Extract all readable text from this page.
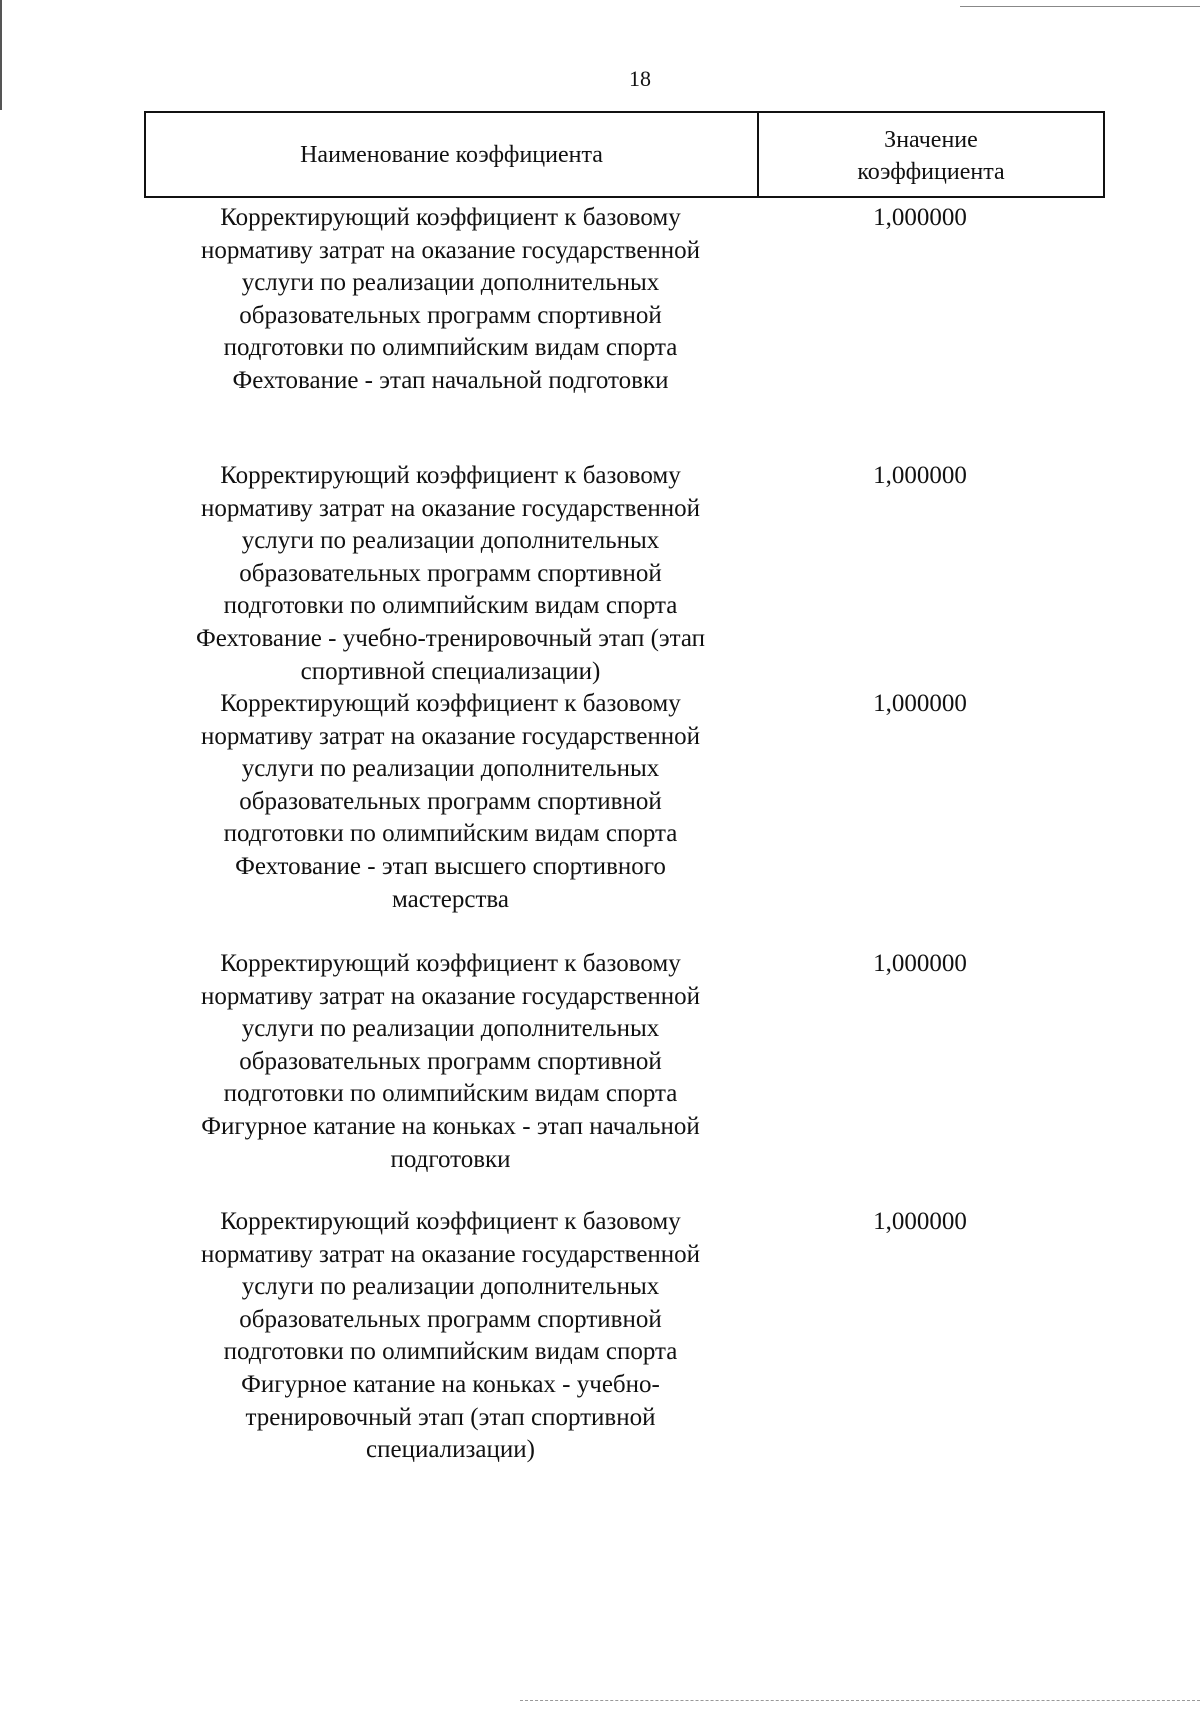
18
Наименование коэффициента
Значение
коэффициента
Корректирующий коэффициент к базовому
нормативу затрат на оказание государственной
услуги по реализации дополнительных
образовательных программ спортивной
подготовки по олимпийским видам спорта
Фехтование - этап начальной подготовки
1,000000
Корректирующий коэффициент к базовому
нормативу затрат на оказание государственной
услуги по реализации дополнительных
образовательных программ спортивной
подготовки по олимпийским видам спорта
Фехтование - учебно-тренировочный этап (этап
спортивной специализации)
1,000000
Корректирующий коэффициент к базовому
нормативу затрат на оказание государственной
услуги по реализации дополнительных
образовательных программ спортивной
подготовки по олимпийским видам спорта
Фехтование - этап высшего спортивного
мастерства
1,000000
Корректирующий коэффициент к базовому
нормативу затрат на оказание государственной
услуги по реализации дополнительных
образовательных программ спортивной
подготовки по олимпийским видам спорта
Фигурное катание на коньках - этап начальной
подготовки
1,000000
Корректирующий коэффициент к базовому
нормативу затрат на оказание государственной
услуги по реализации дополнительных
образовательных программ спортивной
подготовки по олимпийским видам спорта
Фигурное катание на коньках - учебно-
тренировочный этап (этап спортивной
специализации)
1,000000
